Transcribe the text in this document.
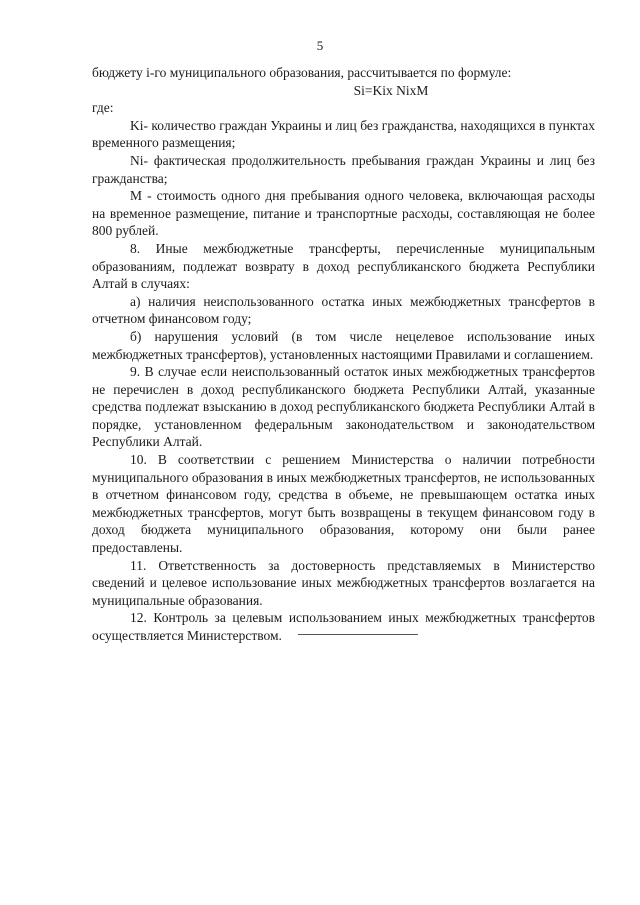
5

бюджету i-го муниципального образования, рассчитывается по формуле:

Si=Kix NixM

где:

Ki- количество граждан Украины и лиц без гражданства, находящихся в пунктах временного размещения;

Ni- фактическая продолжительность пребывания граждан Украины и лиц без гражданства;

М - стоимость одного дня пребывания одного человека, включающая расходы на временное размещение, питание и транспортные расходы, составляющая не более 800 рублей.

8. Иные межбюджетные трансферты, перечисленные муниципальным образованиям, подлежат возврату в доход республиканского бюджета Республики Алтай в случаях:

а) наличия неиспользованного остатка иных межбюджетных трансфертов в отчетном финансовом году;

б) нарушения условий (в том числе нецелевое использование иных межбюджетных трансфертов), установленных настоящими Правилами и соглашением.

9. В случае если неиспользованный остаток иных межбюджетных трансфертов не перечислен в доход республиканского бюджета Республики Алтай, указанные средства подлежат взысканию в доход республиканского бюджета Республики Алтай в порядке, установленном федеральным законодательством и законодательством Республики Алтай.

10. В соответствии с решением Министерства о наличии потребности муниципального образования в иных межбюджетных трансфертов, не использованных в отчетном финансовом году, средства в объеме, не превышающем остатка иных межбюджетных трансфертов, могут быть возвращены в текущем финансовом году в доход бюджета муниципального образования, которому они были ранее предоставлены.

11. Ответственность за достоверность представляемых в Министерство сведений и целевое использование иных межбюджетных трансфертов возлагается на муниципальные образования.

12. Контроль за целевым использованием иных межбюджетных трансфертов осуществляется Министерством.
